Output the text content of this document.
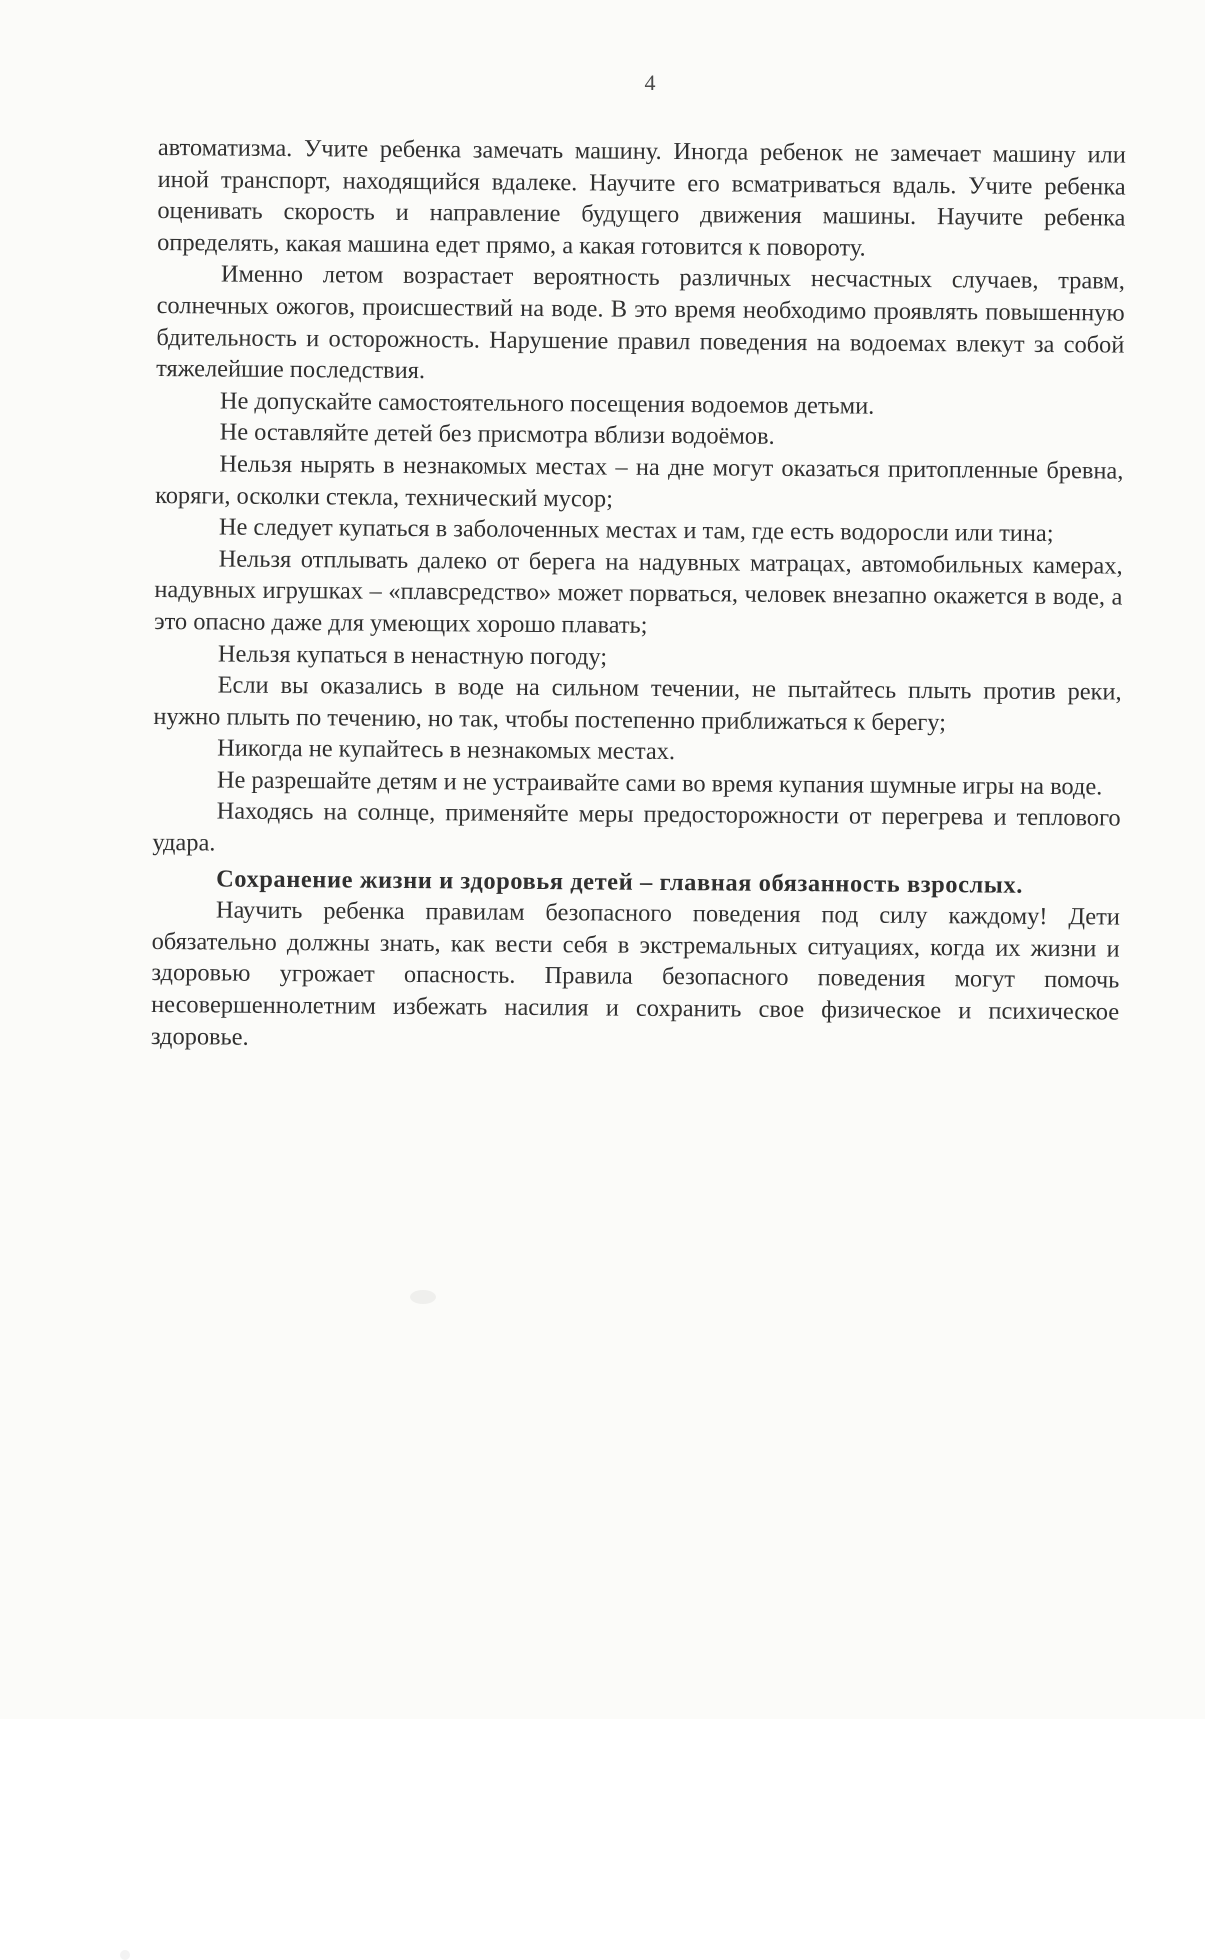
4

автоматизма. Учите ребенка замечать машину. Иногда ребенок не замечает машину или иной транспорт, находящийся вдалеке. Научите его всматриваться вдаль. Учите ребенка оценивать скорость и направление будущего движения машины. Научите ребенка определять, какая машина едет прямо, а какая готовится к повороту.

Именно летом возрастает вероятность различных несчастных случаев, травм, солнечных ожогов, происшествий на воде. В это время необходимо проявлять повышенную бдительность и осторожность. Нарушение правил поведения на водоемах влекут за собой тяжелейшие последствия.

Не допускайте самостоятельного посещения водоемов детьми.

Не оставляйте детей без присмотра вблизи водоёмов.

Нельзя нырять в незнакомых местах – на дне могут оказаться притопленные бревна, коряги, осколки стекла, технический мусор;

Не следует купаться в заболоченных местах и там, где есть водоросли или тина;

Нельзя отплывать далеко от берега на надувных матрацах, автомобильных камерах, надувных игрушках – «плавсредство» может порваться, человек внезапно окажется в воде, а это опасно даже для умеющих хорошо плавать;

Нельзя купаться в ненастную погоду;

Если вы оказались в воде на сильном течении, не пытайтесь плыть против реки, нужно плыть по течению, но так, чтобы постепенно приближаться к берегу;

Никогда не купайтесь в незнакомых местах.

Не разрешайте детям и не устраивайте сами во время купания шумные игры на воде.

Находясь на солнце, применяйте меры предосторожности от перегрева и теплового удара.

Сохранение жизни и здоровья детей – главная обязанность взрослых.

Научить ребенка правилам безопасного поведения под силу каждому! Дети обязательно должны знать, как вести себя в экстремальных ситуациях, когда их жизни и здоровью угрожает опасность. Правила безопасного поведения могут помочь несовершеннолетним избежать насилия и сохранить свое физическое и психическое здоровье.
